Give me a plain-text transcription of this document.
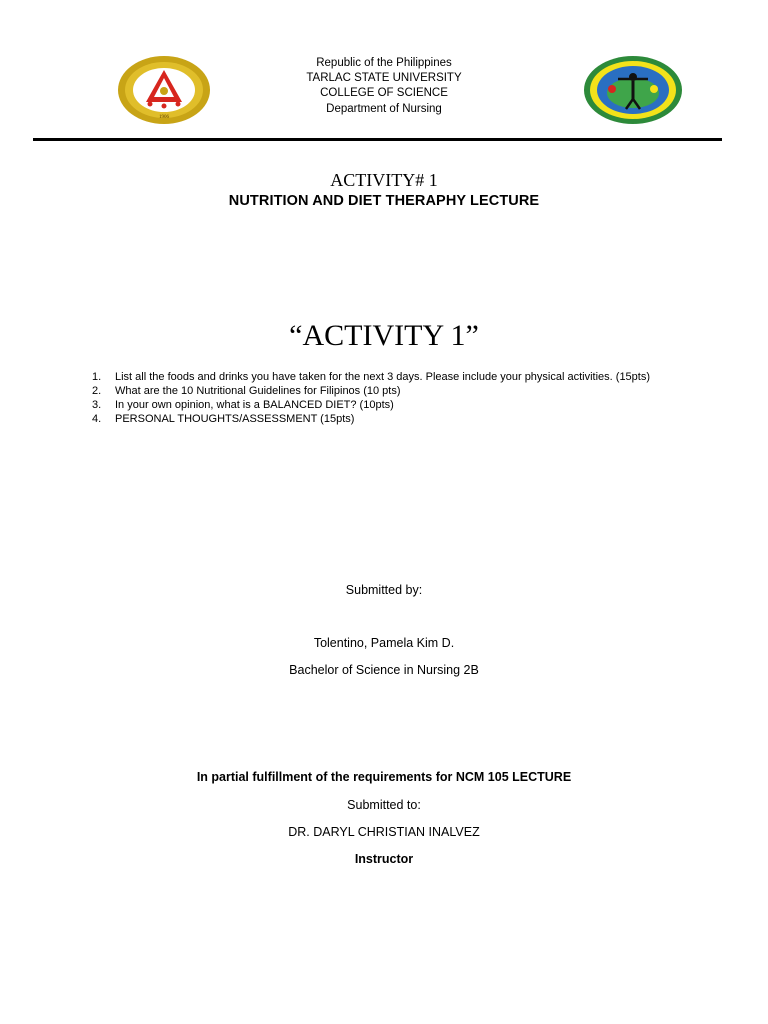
1906
Republic of the Philippines
TARLAC STATE UNIVERSITY
COLLEGE OF SCIENCE
Department of Nursing
ACTIVITY# 1
NUTRITION AND DIET THERAPHY LECTURE
“ACTIVITY 1”
1. List all the foods and drinks you have taken for the next 3 days. Please include your physical activities. (15pts)
2. What are the 10 Nutritional Guidelines for Filipinos (10 pts)
3. In your own opinion, what is a BALANCED DIET? (10pts)
4. PERSONAL THOUGHTS/ASSESSMENT (15pts)
Submitted by:
Tolentino, Pamela Kim D.
Bachelor of Science in Nursing 2B
In partial fulfillment of the requirements for NCM 105 LECTURE
Submitted to:
DR. DARYL CHRISTIAN INALVEZ
Instructor
